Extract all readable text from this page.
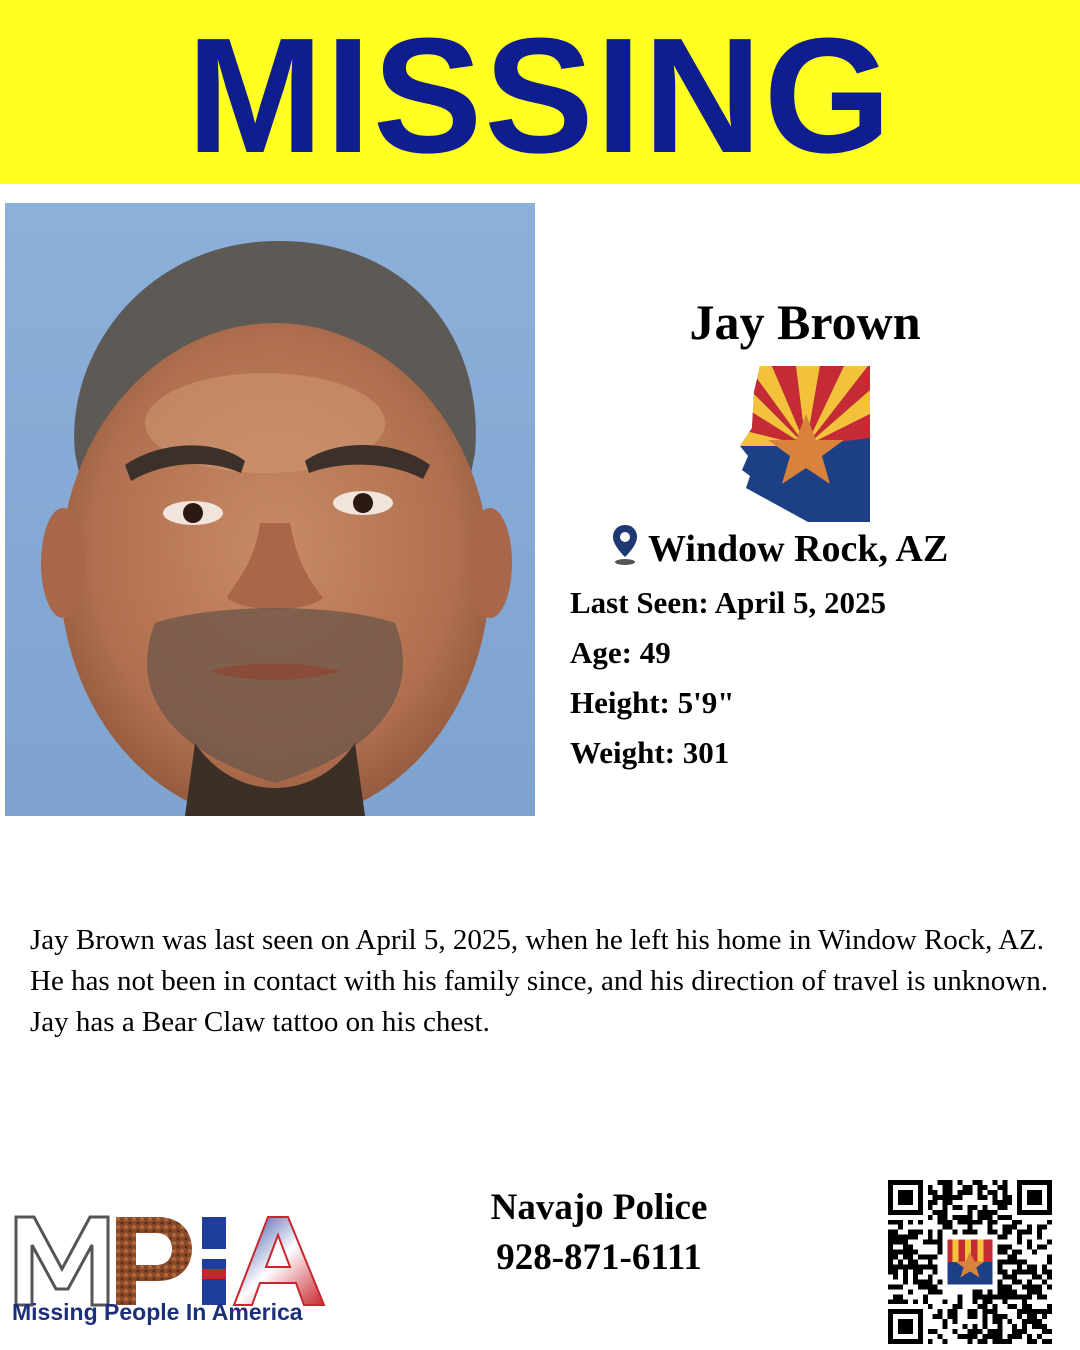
MISSING
Jay Brown
Window Rock, AZ
Last Seen: April 5, 2025
Age: 49
Height: 5'9"
Weight: 301
Jay Brown was last seen on April 5, 2025, when he left his home in Window Rock, AZ. He has not been in contact with his family since, and his direction of travel is unknown. Jay has a Bear Claw tattoo on his chest.
MPIA
Missing People In America
Navajo Police
928-871-6111
